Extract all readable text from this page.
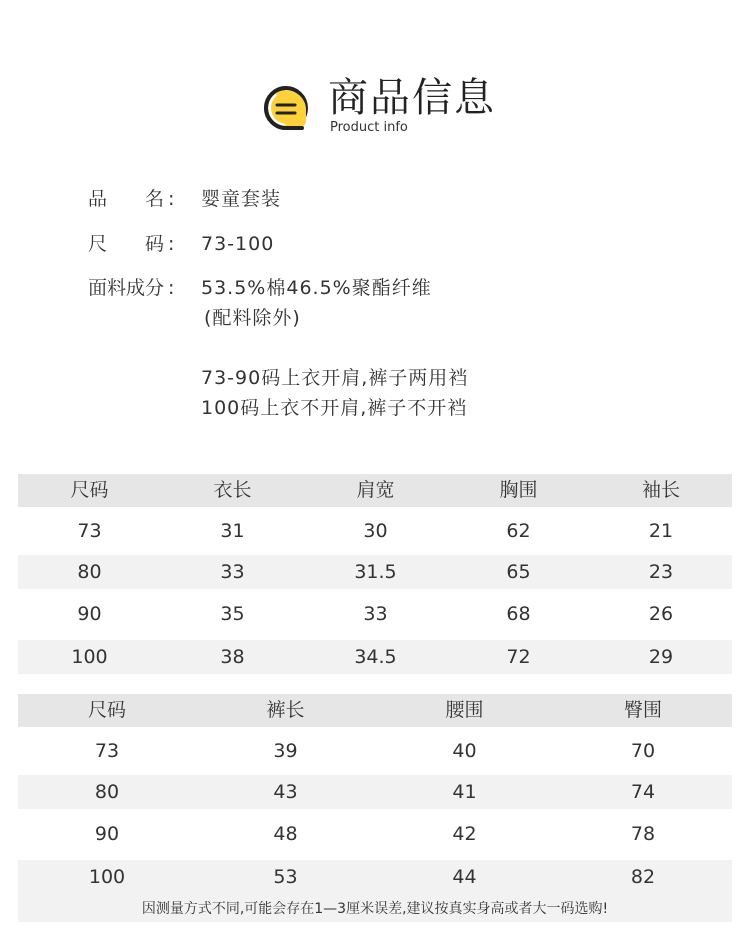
商品信息
Product info
品 名 : 婴童套装
尺 码 : 73-100
面料成分 : 53.5%棉46.5%聚酯纤维
(配料除外)
73-90码上衣开肩,裤子两用裆
100码上衣不开肩,裤子不开裆
尺码	衣长	肩宽	胸围	袖长
73	31	30	62	21
80	33	31.5	65	23
90	35	33	68	26
100	38	34.5	72	29
尺码	裤长	腰围	臀围
73	39	40	70
80	43	41	74
90	48	42	78
100	53	44	82
因测量方式不同,可能会存在1—3厘米误差,建议按真实身高或者大一码选购!
